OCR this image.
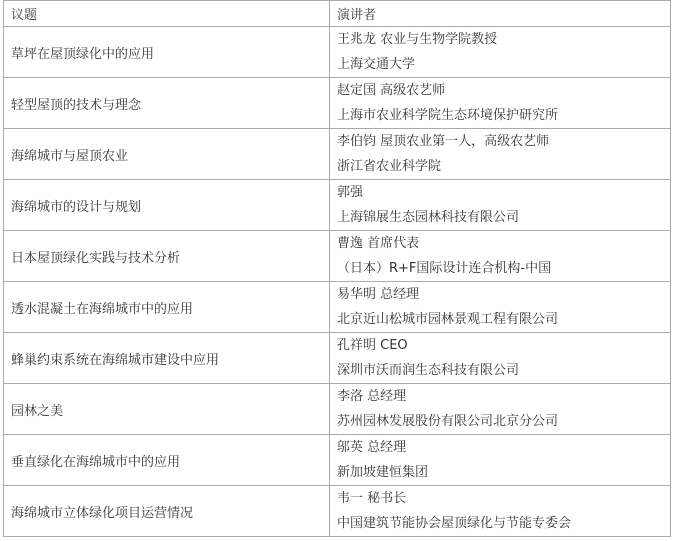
议题	演讲者
草坪在屋顶绿化中的应用	王兆龙 农业与生物学院教授
上海交通大学

轻型屋顶的技术与理念	赵定国 高级农艺师
上海市农业科学院生态环境保护研究所

海绵城市与屋顶农业	李伯钧 屋顶农业第一人，高级农艺师
浙江省农业科学院

海绵城市的设计与规划	郭强
上海锦展生态园林科技有限公司

日本屋顶绿化实践与技术分析	曹逸 首席代表
（日本）R+F国际设计连合机构-中国

透水混凝土在海绵城市中的应用	易华明 总经理
北京近山松城市园林景观工程有限公司

蜂巢约束系统在海绵城市建设中应用	孔祥明 CEO
深圳市沃而润生态科技有限公司

园林之美	李洛 总经理
苏州园林发展股份有限公司北京分公司

垂直绿化在海绵城市中的应用	邬英 总经理
新加坡建恒集团

海绵城市立体绿化项目运营情况	韦一 秘书长
中国建筑节能协会屋顶绿化与节能专委会
